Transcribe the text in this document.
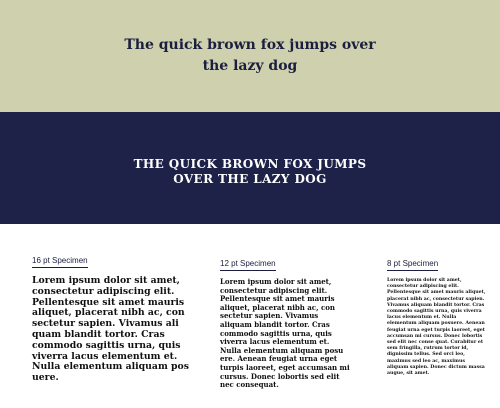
The quick brown fox jumps over
the lazy dog
THE QUICK BROWN FOX JUMPS
OVER THE LAZY DOG
16 pt Specimen
Lorem ipsum dolor sit amet, consectetur adipiscing elit. Pellentesque sit amet mauris aliquet, placerat nibh ac, con sectetur sapien. Vivamus ali quam blandit tortor. Cras commodo sagittis urna, quis viverra lacus elementum et. Nulla elementum aliquam pos uere.
12 pt Specimen
Lorem ipsum dolor sit amet, consectetur adipiscing elit. Pellentesque sit amet mauris aliquet, placerat nibh ac, con sectetur sapien. Vivamus aliquam blandit tortor. Cras commodo sagittis urna, quis viverra lacus elementum et. Nulla elementum aliquam posu ere. Aenean feugiat urna eget turpis laoreet, eget accumsan mi cursus. Donec lobortis sed elit nec consequat.
8 pt Specimen
Lorem ipsum dolor sit amet, consectetur adipiscing elit. Pellentesque sit amet mauris aliquet, placerat nibh ac, consectetur sapien. Vivamus aliquam blandit tortor. Cras commodo sagittis urna, quis viverra lacus elementum et. Nulla elementum aliquam posuere. Aenean feugiat urna eget turpis laoreet, eget accumsan mi cursus. Donec lobortis sed elit nec conse quat. Curabitur et sem fringilla, rutrum tortor id, dignissim tellus. Sed orci leo, maximus sed leo ac, maximus aliquam sapien. Donec dictum massa augue, sit amet.
